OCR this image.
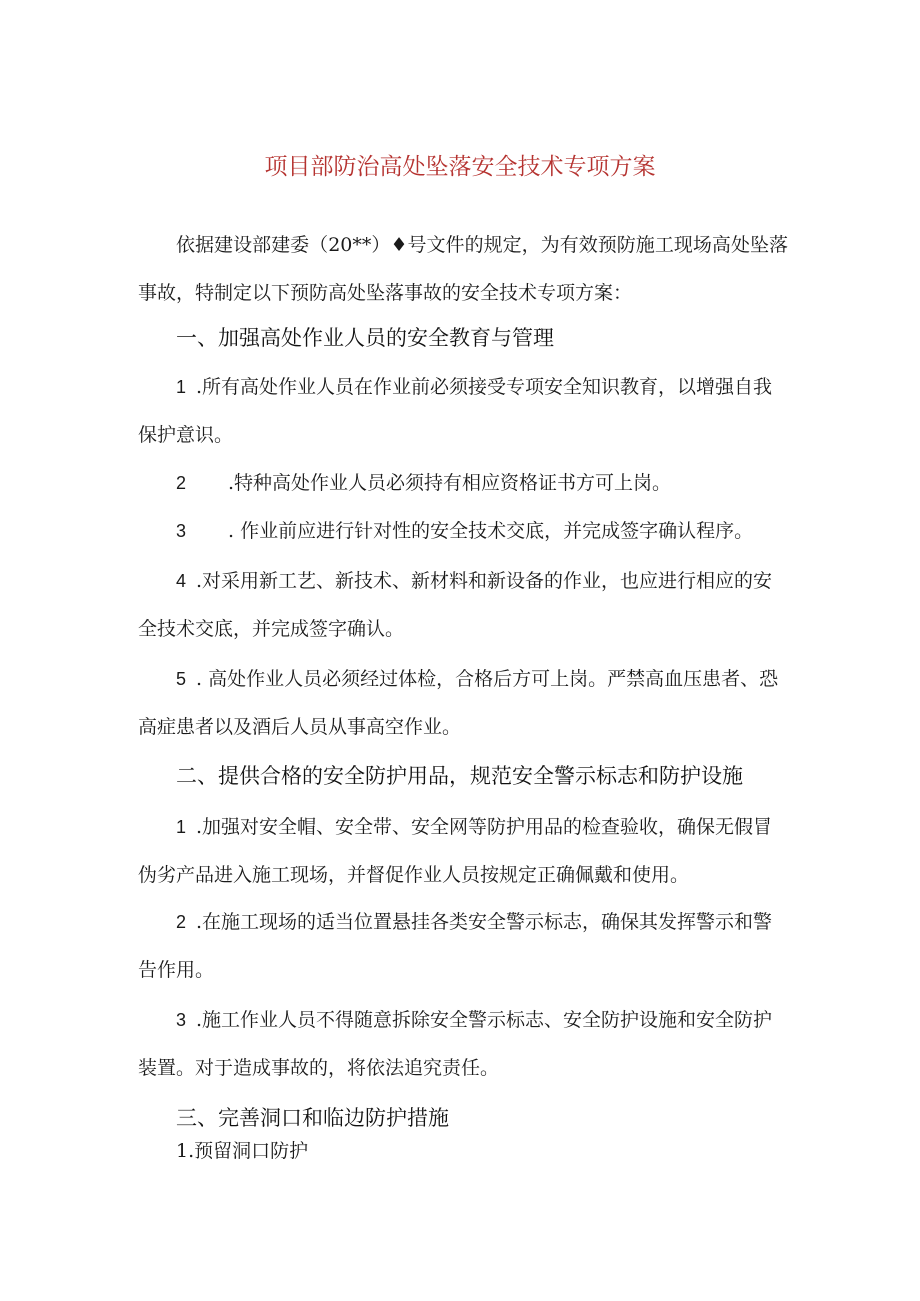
项目部防治高处坠落安全技术专项方案

依据建设部建委（20**）♦号文件的规定，为有效预防施工现场高处坠落事故，特制定以下预防高处坠落事故的安全技术专项方案：

一、加强高处作业人员的安全教育与管理

1 .所有高处作业人员在作业前必须接受专项安全知识教育，以增强自我保护意识。

2 .特种高处作业人员必须持有相应资格证书方可上岗。

3 . 作业前应进行针对性的安全技术交底，并完成签字确认程序。

4 .对采用新工艺、新技术、新材料和新设备的作业，也应进行相应的安全技术交底，并完成签字确认。

5 . 高处作业人员必须经过体检，合格后方可上岗。严禁高血压患者、恐高症患者以及酒后人员从事高空作业。

二、提供合格的安全防护用品，规范安全警示标志和防护设施

1 .加强对安全帽、安全带、安全网等防护用品的检查验收，确保无假冒伪劣产品进入施工现场，并督促作业人员按规定正确佩戴和使用。

2 .在施工现场的适当位置悬挂各类安全警示标志，确保其发挥警示和警告作用。

3 .施工作业人员不得随意拆除安全警示标志、安全防护设施和安全防护装置。对于造成事故的，将依法追究责任。

三、完善洞口和临边防护措施

1.预留洞口防护
